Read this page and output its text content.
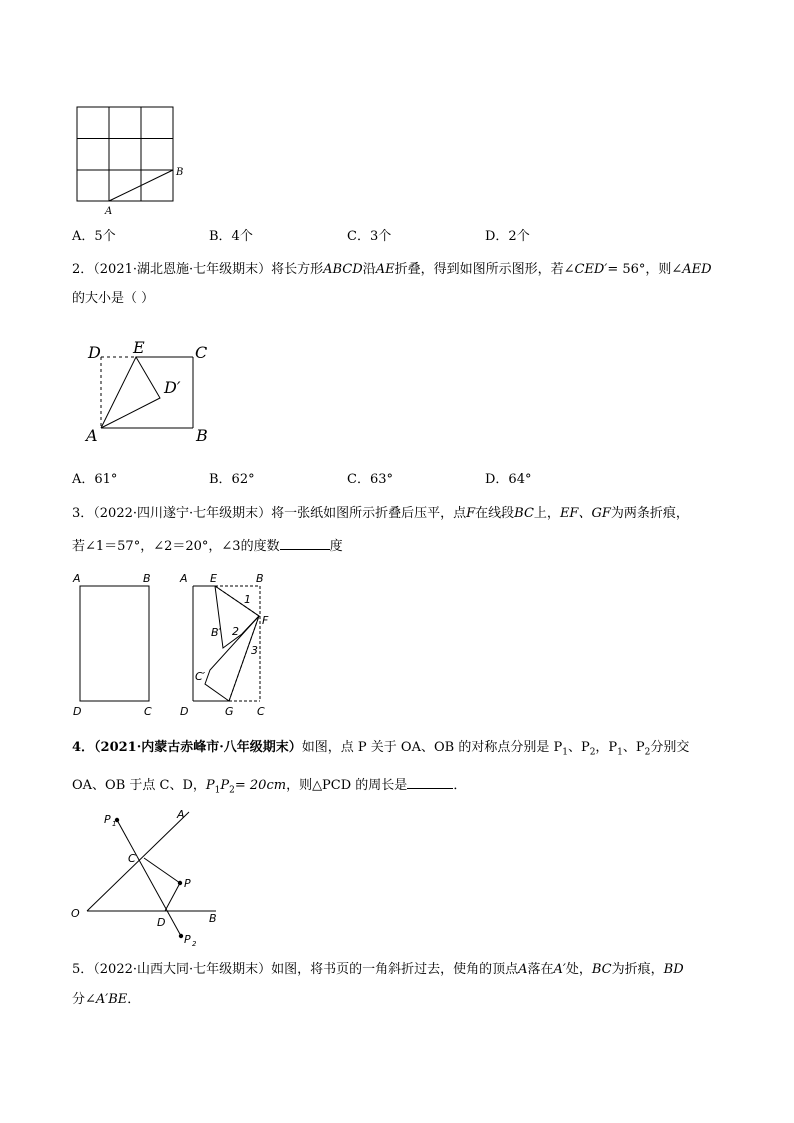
A
B
A．5个	B．4个	C．3个	D．2个
2．（2021·湖北恩施·七年级期末）将长方形ABCD沿AE折叠，得到如图所示图形，若∠CED′= 56°，则∠AED
的大小是（ ）
D E	C
D′
A	B
A．61°	B．62°	C．63°	D．64°
3．（2022·四川遂宁·七年级期末）将一张纸如图所示折叠后压平，点F在线段BC上，EF、GF为两条折痕，
若∠1＝57°，∠2＝20°，∠3的度数	度
A	B
D	C
A E	B
1
B′ 2
F
3
C′
D	G C
4．（2021·内蒙古赤峰市·八年级期末）如图，点 P 关于 OA、OB 的对称点分别是 $P_1$、$P_2$，$P_1$、$P_2$分别交
OA、OB 于点 C、D，$P_1P_2= 20cm$，则△PCD 的周长是	．
P 1
A
C
P
O
D	B
P 2
5．（2022·山西大同·七年级期末）如图，将书页的一角斜折过去，使角的顶点A落在A′处，BC为折痕，BD
分∠A′BE．
